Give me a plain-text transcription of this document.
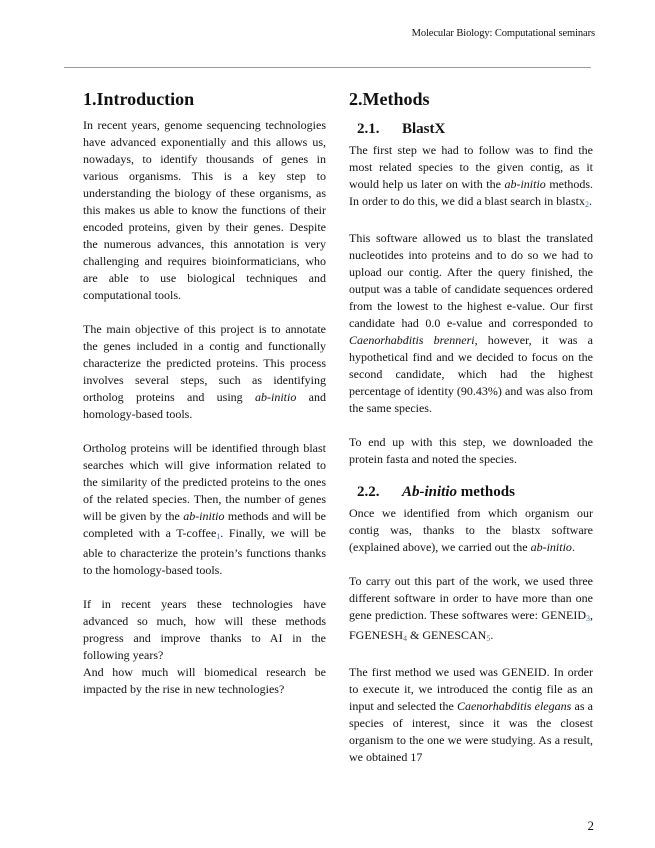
Molecular Biology: Computational seminars
1.Introduction

In recent years, genome sequencing technologies have advanced exponentially and this allows us, nowadays, to identify thousands of genes in various organisms. This is a key step to understanding the biology of these organisms, as this makes us able to know the functions of their encoded proteins, given by their genes. Despite the numerous advances, this annotation is very challenging and requires bioinformaticians, who are able to use biological techniques and computational tools.

The main objective of this project is to annotate the genes included in a contig and functionally characterize the predicted proteins. This process involves several steps, such as identifying ortholog proteins and using ab-initio and homology-based tools.

Ortholog proteins will be identified through blast searches which will give information related to the similarity of the predicted proteins to the ones of the related species. Then, the number of genes will be given by the ab-initio methods and will be completed with a T-coffee1. Finally, we will be able to characterize the protein’s functions thanks to the homology-based tools.

If in recent years these technologies have advanced so much, how will these methods progress and improve thanks to AI in the following years?

And how much will biomedical research be impacted by the rise in new technologies?

2.Methods
2.1. BlastX

The first step we had to follow was to find the most related species to the given contig, as it would help us later on with the ab-initio methods. In order to do this, we did a blast search in blastx2.

This software allowed us to blast the translated nucleotides into proteins and to do so we had to upload our contig. After the query finished, the output was a table of candidate sequences ordered from the lowest to the highest e-value. Our first candidate had 0.0 e-value and corresponded to Caenorhabditis brenneri, however, it was a hypothetical find and we decided to focus on the second candidate, which had the highest percentage of identity (90.43%) and was also from the same species.

To end up with this step, we downloaded the protein fasta and noted the species.

2.2. Ab-initio methods

Once we identified from which organism our contig was, thanks to the blastx software (explained above), we carried out the ab-initio.

To carry out this part of the work, we used three different software in order to have more than one gene prediction. These softwares were: GENEID3, FGENESH4 & GENESCAN5.

The first method we used was GENEID. In order to execute it, we introduced the contig file as an input and selected the Caenorhabditis elegans as a species of interest, since it was the closest organism to the one we were studying. As a result, we obtained 17

2
